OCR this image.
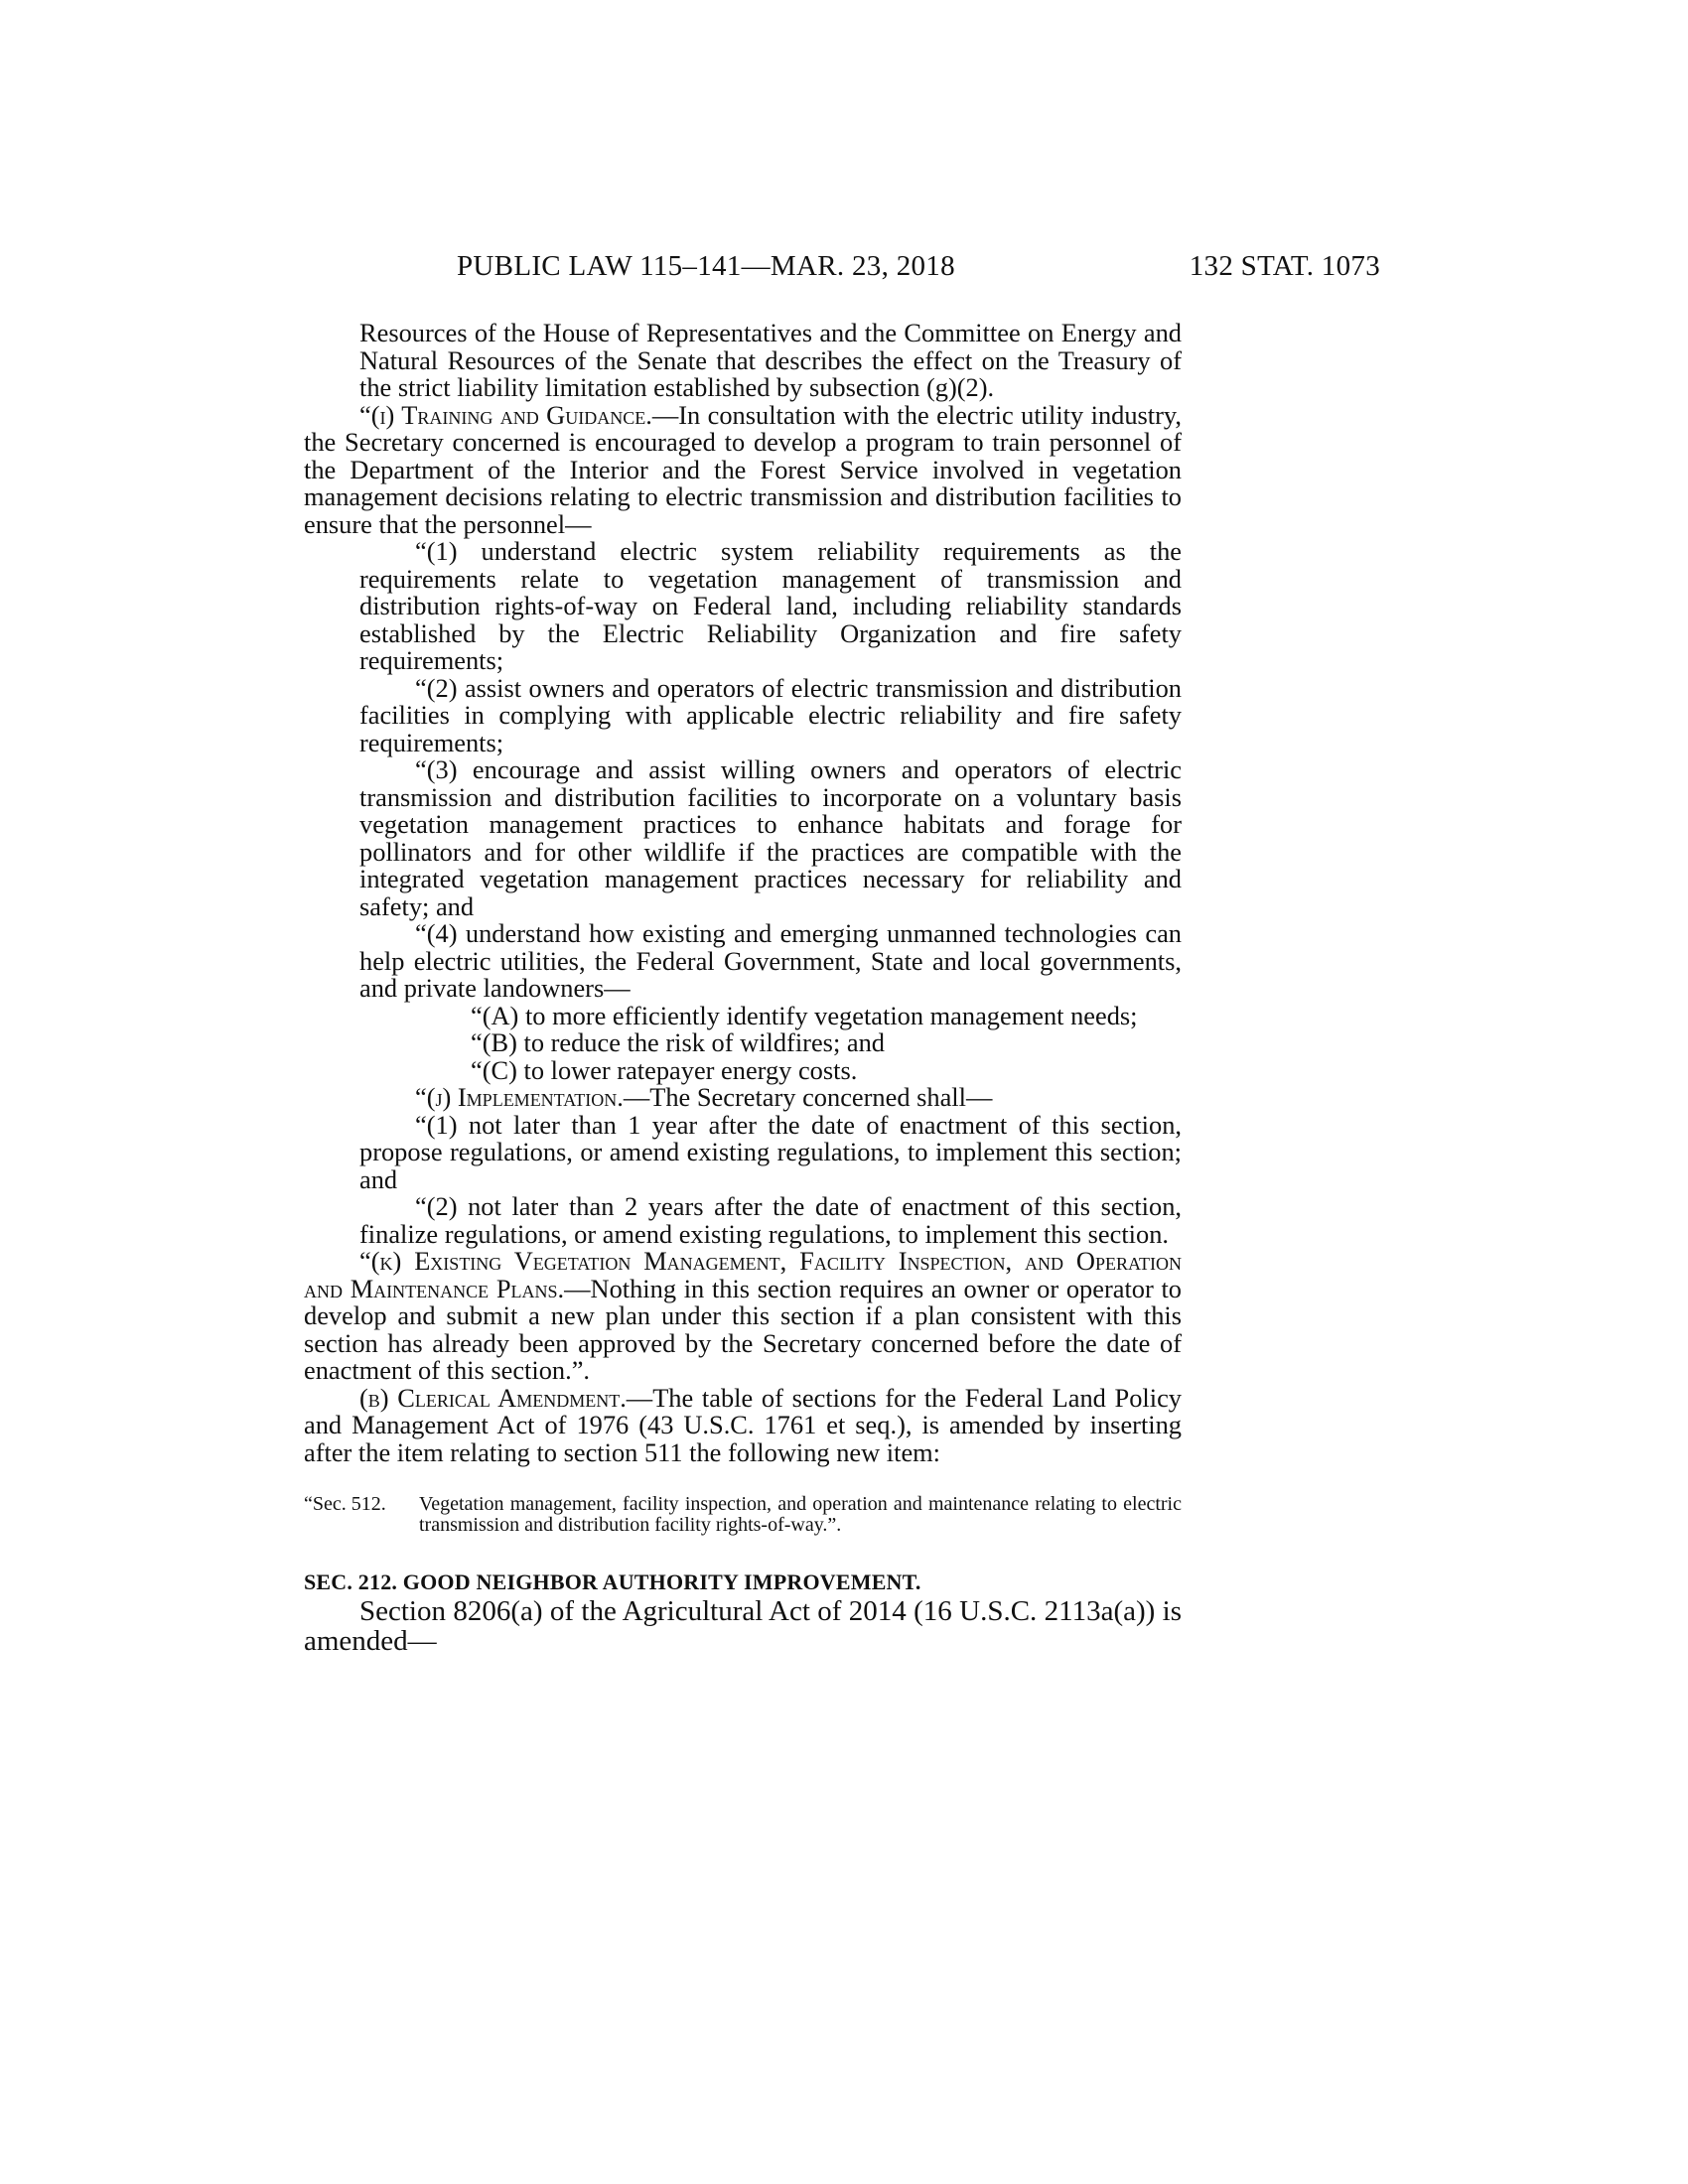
PUBLIC LAW 115–141—MAR. 23, 2018	132 STAT. 1073

Resources of the House of Representatives and the Committee on Energy and Natural Resources of the Senate that describes the effect on the Treasury of the strict liability limitation established by subsection (g)(2).

“(i) Training and Guidance.—In consultation with the electric utility industry, the Secretary concerned is encouraged to develop a program to train personnel of the Department of the Interior and the Forest Service involved in vegetation management decisions relating to electric transmission and distribution facilities to ensure that the personnel—

“(1) understand electric system reliability requirements as the requirements relate to vegetation management of transmission and distribution rights-of-way on Federal land, including reliability standards established by the Electric Reliability Organization and fire safety requirements;

“(2) assist owners and operators of electric transmission and distribution facilities in complying with applicable electric reliability and fire safety requirements;

“(3) encourage and assist willing owners and operators of electric transmission and distribution facilities to incorporate on a voluntary basis vegetation management practices to enhance habitats and forage for pollinators and for other wildlife if the practices are compatible with the integrated vegetation management practices necessary for reliability and safety; and

“(4) understand how existing and emerging unmanned technologies can help electric utilities, the Federal Government, State and local governments, and private landowners—

“(A) to more efficiently identify vegetation management needs;

“(B) to reduce the risk of wildfires; and

“(C) to lower ratepayer energy costs.

“(j) Implementation.—The Secretary concerned shall—

“(1) not later than 1 year after the date of enactment of this section, propose regulations, or amend existing regulations, to implement this section; and

“(2) not later than 2 years after the date of enactment of this section, finalize regulations, or amend existing regulations, to implement this section.

“(k) Existing Vegetation Management, Facility Inspection, and Operation and Maintenance Plans.—Nothing in this section requires an owner or operator to develop and submit a new plan under this section if a plan consistent with this section has already been approved by the Secretary concerned before the date of enactment of this section.”.

(b) Clerical Amendment.—The table of sections for the Federal Land Policy and Management Act of 1976 (43 U.S.C. 1761 et seq.), is amended by inserting after the item relating to section 511 the following new item:

“Sec. 512.	Vegetation management, facility inspection, and operation and maintenance relating to electric transmission and distribution facility rights-of-way.”.
SEC. 212. GOOD NEIGHBOR AUTHORITY IMPROVEMENT.

Section 8206(a) of the Agricultural Act of 2014 (16 U.S.C. 2113a(a)) is amended—
